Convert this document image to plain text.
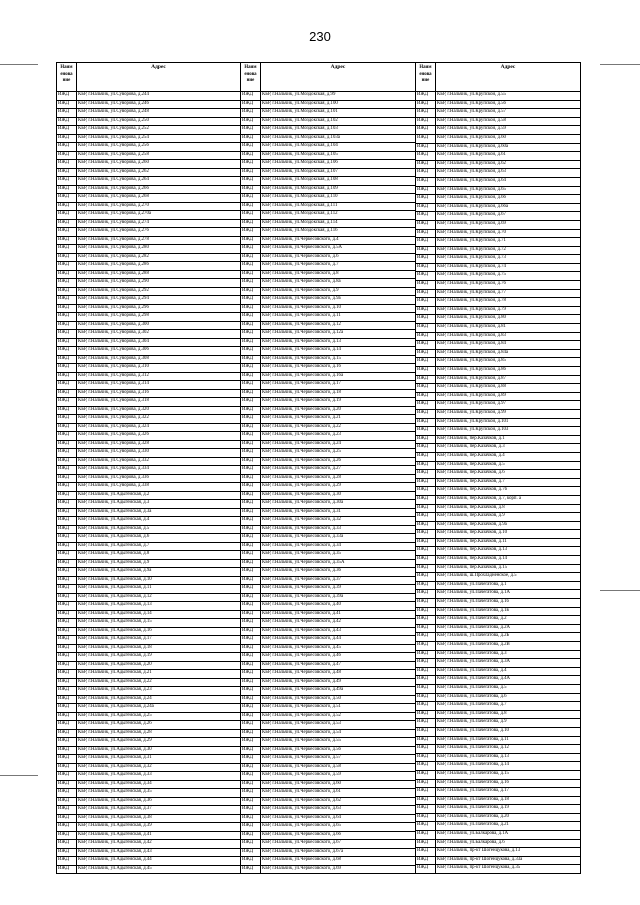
230
Наим енова ние
Адрес
ИЖД	КБР, г.Нальчик, ул.Суворова, д.244
ИЖД	КБР, г.Нальчик, ул.Суворова, д.246
ИЖД	КБР, г.Нальчик, ул.Суворова, д.248
ИЖД	КБР, г.Нальчик, ул.Суворова, д.250
ИЖД	КБР, г.Нальчик, ул.Суворова, д.252
ИЖД	КБР, г.Нальчик, ул.Суворова, д.254
ИЖД	КБР, г.Нальчик, ул.Суворова, д.256
ИЖД	КБР, г.Нальчик, ул.Суворова, д.258
ИЖД	КБР, г.Нальчик, ул.Суворова, д.260
ИЖД	КБР, г.Нальчик, ул.Суворова, д.262
ИЖД	КБР, г.Нальчик, ул.Суворова, д.264
ИЖД	КБР, г.Нальчик, ул.Суворова, д.266
ИЖД	КБР, г.Нальчик, ул.Суворова, д.268
ИЖД	КБР, г.Нальчик, ул.Суворова, д.270
ИЖД	КБР, г.Нальчик, ул.Суворова, д.270а
ИЖД	КБР, г.Нальчик, ул.Суворова, д.274
ИЖД	КБР, г.Нальчик, ул.Суворова, д.276
ИЖД	КБР, г.Нальчик, ул.Суворова, д.278
ИЖД	КБР, г.Нальчик, ул.Суворова, д.280
ИЖД	КБР, г.Нальчик, ул.Суворова, д.282
ИЖД	КБР, г.Нальчик, ул.Суворова, д.286
ИЖД	КБР, г.Нальчик, ул.Суворова, д.288
ИЖД	КБР, г.Нальчик, ул.Суворова, д.290
ИЖД	КБР, г.Нальчик, ул.Суворова, д.292
ИЖД	КБР, г.Нальчик, ул.Суворова, д.294
ИЖД	КБР, г.Нальчик, ул.Суворова, д.296
ИЖД	КБР, г.Нальчик, ул.Суворова, д.298
ИЖД	КБР, г.Нальчик, ул.Суворова, д.300
ИЖД	КБР, г.Нальчик, ул.Суворова, д.302
ИЖД	КБР, г.Нальчик, ул.Суворова, д.304
ИЖД	КБР, г.Нальчик, ул.Суворова, д.306
ИЖД	КБР, г.Нальчик, ул.Суворова, д.308
ИЖД	КБР, г.Нальчик, ул.Суворова, д.310
ИЖД	КБР, г.Нальчик, ул.Суворова, д.312
ИЖД	КБР, г.Нальчик, ул.Суворова, д.314
ИЖД	КБР, г.Нальчик, ул.Суворова, д.316
ИЖД	КБР, г.Нальчик, ул.Суворова, д.318
ИЖД	КБР, г.Нальчик, ул.Суворова, д.320
ИЖД	КБР, г.Нальчик, ул.Суворова, д.322
ИЖД	КБР, г.Нальчик, ул.Суворова, д.324
ИЖД	КБР, г.Нальчик, ул.Суворова, д.326
ИЖД	КБР, г.Нальчик, ул.Суворова, д.328
ИЖД	КБР, г.Нальчик, ул.Суворова, д.330
ИЖД	КБР, г.Нальчик, ул.Суворова, д.332
ИЖД	КБР, г.Нальчик, ул.Суворова, д.334
ИЖД	КБР, г.Нальчик, ул.Суворова, д.336
ИЖД	КБР, г.Нальчик, ул.Суворова, д.338
ИЖД	КБР, г.Нальчик, ул.Адыгейская, д.2
ИЖД	КБР, г.Нальчик, ул.Адыгейская, д.3
ИЖД	КБР, г.Нальчик, ул.Адыгейская, д.3а
ИЖД	КБР, г.Нальчик, ул.Адыгейская, д.4
ИЖД	КБР, г.Нальчик, ул.Адыгейская, д.5
ИЖД	КБР, г.Нальчик, ул.Адыгейская, д.6
ИЖД	КБР, г.Нальчик, ул.Адыгейская, д.7
ИЖД	КБР, г.Нальчик, ул.Адыгейская, д.8
ИЖД	КБР, г.Нальчик, ул.Адыгейская, д.9
ИЖД	КБР, г.Нальчик, ул.Адыгейская, д.9а
ИЖД	КБР, г.Нальчик, ул.Адыгейская, д.10
ИЖД	КБР, г.Нальчик, ул.Адыгейская, д.11
ИЖД	КБР, г.Нальчик, ул.Адыгейская, д.12
ИЖД	КБР, г.Нальчик, ул.Адыгейская, д.13
ИЖД	КБР, г.Нальчик, ул.Адыгейская, д.14
ИЖД	КБР, г.Нальчик, ул.Адыгейская, д.15
ИЖД	КБР, г.Нальчик, ул.Адыгейская, д.16
ИЖД	КБР, г.Нальчик, ул.Адыгейская, д.17
ИЖД	КБР, г.Нальчик, ул.Адыгейская, д.18
ИЖД	КБР, г.Нальчик, ул.Адыгейская, д.19
ИЖД	КБР, г.Нальчик, ул.Адыгейская, д.20
ИЖД	КБР, г.Нальчик, ул.Адыгейская, д.21
ИЖД	КБР, г.Нальчик, ул.Адыгейская, д.22
ИЖД	КБР, г.Нальчик, ул.Адыгейская, д.23
ИЖД	КБР, г.Нальчик, ул.Адыгейская, д.24
ИЖД	КБР, г.Нальчик, ул.Адыгейская, д.24а
ИЖД	КБР, г.Нальчик, ул.Адыгейская, д.25
ИЖД	КБР, г.Нальчик, ул.Адыгейская, д.26
ИЖД	КБР, г.Нальчик, ул.Адыгейская, д.28
ИЖД	КБР, г.Нальчик, ул.Адыгейская, д.29
ИЖД	КБР, г.Нальчик, ул.Адыгейская, д.30
ИЖД	КБР, г.Нальчик, ул.Адыгейская, д.31
ИЖД	КБР, г.Нальчик, ул.Адыгейская, д.32
ИЖД	КБР, г.Нальчик, ул.Адыгейская, д.33
ИЖД	КБР, г.Нальчик, ул.Адыгейская, д.34
ИЖД	КБР, г.Нальчик, ул.Адыгейская, д.35
ИЖД	КБР, г.Нальчик, ул.Адыгейская, д.36
ИЖД	КБР, г.Нальчик, ул.Адыгейская, д.37
ИЖД	КБР, г.Нальчик, ул.Адыгейская, д.38
ИЖД	КБР, г.Нальчик, ул.Адыгейская, д.39
ИЖД	КБР, г.Нальчик, ул.Адыгейская, д.41
ИЖД	КБР, г.Нальчик, ул.Адыгейская, д.42
ИЖД	КБР, г.Нальчик, ул.Адыгейская, д.43
ИЖД	КБР, г.Нальчик, ул.Адыгейская, д.44
ИЖД	КБР, г.Нальчик, ул.Адыгейская, д.45
Наим енова ние
Адрес
ИЖД	КБР, г.Нальчик, ул.Моздокская, д.99
ИЖД	КБР, г.Нальчик, ул.Моздокская, д.100
ИЖД	КБР, г.Нальчик, ул.Моздокская, д.101
ИЖД	КБР, г.Нальчик, ул.Моздокская, д.102
ИЖД	КБР, г.Нальчик, ул.Моздокская, д.103
ИЖД	КБР, г.Нальчик, ул.Моздокская, д.103а
ИЖД	КБР, г.Нальчик, ул.Моздокская, д.104
ИЖД	КБР, г.Нальчик, ул.Моздокская, д.105
ИЖД	КБР, г.Нальчик, ул.Моздокская, д.106
ИЖД	КБР, г.Нальчик, ул.Моздокская, д.107
ИЖД	КБР, г.Нальчик, ул.Моздокская, д.108
ИЖД	КБР, г.Нальчик, ул.Моздокская, д.109
ИЖД	КБР, г.Нальчик, ул.Моздокская, д.110
ИЖД	КБР, г.Нальчик, ул.Моздокская, д.111
ИЖД	КБР, г.Нальчик, ул.Моздокская, д.112
ИЖД	КБР, г.Нальчик, ул.Моздокская, д.114
ИЖД	КБР, г.Нальчик, ул.Моздокская, д.116
ИЖД	КБР, г.Нальчик, ул.Черкесовского, д.4
ИЖД	КБР, г.Нальчик, ул.Черкесовского, д.5А
ИЖД	КБР, г.Нальчик, ул.Черкесовского, д.6
ИЖД	КБР, г.Нальчик, ул.Черкесовского, д.7
ИЖД	КБР, г.Нальчик, ул.Черкесовского, д.8
ИЖД	КБР, г.Нальчик, ул.Черкесовского, д.8а
ИЖД	КБР, г.Нальчик, ул.Черкесовского, д.9
ИЖД	КБР, г.Нальчик, ул.Черкесовского, д.9а
ИЖД	КБР, г.Нальчик, ул.Черкесовского, д.10
ИЖД	КБР, г.Нальчик, ул.Черкесовского, д.11
ИЖД	КБР, г.Нальчик, ул.Черкесовского, д.12
ИЖД	КБР, г.Нальчик, ул.Черкесовского, д.12а
ИЖД	КБР, г.Нальчик, ул.Черкесовского, д.13
ИЖД	КБР, г.Нальчик, ул.Черкесовского, д.14
ИЖД	КБР, г.Нальчик, ул.Черкесовского, д.15
ИЖД	КБР, г.Нальчик, ул.Черкесовского, д.16
ИЖД	КБР, г.Нальчик, ул.Черкесовского, д.16а
ИЖД	КБР, г.Нальчик, ул.Черкесовского, д.17
ИЖД	КБР, г.Нальчик, ул.Черкесовского, д.18
ИЖД	КБР, г.Нальчик, ул.Черкесовского, д.19
ИЖД	КБР, г.Нальчик, ул.Черкесовского, д.20
ИЖД	КБР, г.Нальчик, ул.Черкесовского, д.21
ИЖД	КБР, г.Нальчик, ул.Черкесовского, д.22
ИЖД	КБР, г.Нальчик, ул.Черкесовского, д.23
ИЖД	КБР, г.Нальчик, ул.Черкесовского, д.24
ИЖД	КБР, г.Нальчик, ул.Черкесовского, д.25
ИЖД	КБР, г.Нальчик, ул.Черкесовского, д.26
ИЖД	КБР, г.Нальчик, ул.Черкесовского, д.27
ИЖД	КБР, г.Нальчик, ул.Черкесовского, д.28
ИЖД	КБР, г.Нальчик, ул.Черкесовского, д.29
ИЖД	КБР, г.Нальчик, ул.Черкесовского, д.30
ИЖД	КБР, г.Нальчик, ул.Черкесовского, д.30а
ИЖД	КБР, г.Нальчик, ул.Черкесовского, д.31
ИЖД	КБР, г.Нальчик, ул.Черкесовского, д.32
ИЖД	КБР, г.Нальчик, ул.Черкесовского, д.33
ИЖД	КБР, г.Нальчик, ул.Черкесовского, д.33а
ИЖД	КБР, г.Нальчик, ул.Черкесовского, д.34
ИЖД	КБР, г.Нальчик, ул.Черкесовского, д.35
ИЖД	КБР, г.Нальчик, ул.Черкесовского, д.35А
ИЖД	КБР, г.Нальчик, ул.Черкесовского, д.36
ИЖД	КБР, г.Нальчик, ул.Черкесовского, д.37
ИЖД	КБР, г.Нальчик, ул.Черкесовского, д.39
ИЖД	КБР, г.Нальчик, ул.Черкесовского, д.39а
ИЖД	КБР, г.Нальчик, ул.Черкесовского, д.40
ИЖД	КБР, г.Нальчик, ул.Черкесовского, д.41
ИЖД	КБР, г.Нальчик, ул.Черкесовского, д.42
ИЖД	КБР, г.Нальчик, ул.Черкесовского, д.43
ИЖД	КБР, г.Нальчик, ул.Черкесовского, д.44
ИЖД	КБР, г.Нальчик, ул.Черкесовского, д.45
ИЖД	КБР, г.Нальчик, ул.Черкесовского, д.46
ИЖД	КБР, г.Нальчик, ул.Черкесовского, д.47
ИЖД	КБР, г.Нальчик, ул.Черкесовского, д.48
ИЖД	КБР, г.Нальчик, ул.Черкесовского, д.49
ИЖД	КБР, г.Нальчик, ул.Черкесовского, д.49а
ИЖД	КБР, г.Нальчик, ул.Черкесовского, д.50
ИЖД	КБР, г.Нальчик, ул.Черкесовского, д.51
ИЖД	КБР, г.Нальчик, ул.Черкесовского, д.52
ИЖД	КБР, г.Нальчик, ул.Черкесовского, д.53
ИЖД	КБР, г.Нальчик, ул.Черкесовского, д.54
ИЖД	КБР, г.Нальчик, ул.Черкесовского, д.55
ИЖД	КБР, г.Нальчик, ул.Черкесовского, д.56
ИЖД	КБР, г.Нальчик, ул.Черкесовского, д.57
ИЖД	КБР, г.Нальчик, ул.Черкесовского, д.58
ИЖД	КБР, г.Нальчик, ул.Черкесовского, д.59
ИЖД	КБР, г.Нальчик, ул.Черкесовского, д.60
ИЖД	КБР, г.Нальчик, ул.Черкесовского, д.61
ИЖД	КБР, г.Нальчик, ул.Черкесовского, д.62
ИЖД	КБР, г.Нальчик, ул.Черкесовского, д.63
ИЖД	КБР, г.Нальчик, ул.Черкесовского, д.64
ИЖД	КБР, г.Нальчик, ул.Черкесовского, д.65
ИЖД	КБР, г.Нальчик, ул.Черкесовского, д.66
ИЖД	КБР, г.Нальчик, ул.Черкесовского, д.67
ИЖД	КБР, г.Нальчик, ул.Черкесовского, д.67а
ИЖД	КБР, г.Нальчик, ул.Черкесовского, д.68
ИЖД	КБР, г.Нальчик, ул.Черкесовского, д.69
Наим енова ние
Адрес
ИЖД	КБР, г.Нальчик, ул.Крупской, д.55
ИЖД	КБР, г.Нальчик, ул.Крупской, д.56
ИЖД	КБР, г.Нальчик, ул.Крупской, д.57
ИЖД	КБР, г.Нальчик, ул.Крупской, д.58
ИЖД	КБР, г.Нальчик, ул.Крупской, д.59
ИЖД	КБР, г.Нальчик, ул.Крупской, д.60
ИЖД	КБР, г.Нальчик, ул.Крупской, д.60а
ИЖД	КБР, г.Нальчик, ул.Крупской, д.61
ИЖД	КБР, г.Нальчик, ул.Крупской, д.62
ИЖД	КБР, г.Нальчик, ул.Крупской, д.63
ИЖД	КБР, г.Нальчик, ул.Крупской, д.64
ИЖД	КБР, г.Нальчик, ул.Крупской, д.65
ИЖД	КБР, г.Нальчик, ул.Крупской, д.66
ИЖД	КБР, г.Нальчик, ул.Крупской, д.66а
ИЖД	КБР, г.Нальчик, ул.Крупской, д.67
ИЖД	КБР, г.Нальчик, ул.Крупской, д.69
ИЖД	КБР, г.Нальчик, ул.Крупской, д.70
ИЖД	КБР, г.Нальчик, ул.Крупской, д.71
ИЖД	КБР, г.Нальчик, ул.Крупской, д.72
ИЖД	КБР, г.Нальчик, ул.Крупской, д.73
ИЖД	КБР, г.Нальчик, ул.Крупской, д.74
ИЖД	КБР, г.Нальчик, ул.Крупской, д.75
ИЖД	КБР, г.Нальчик, ул.Крупской, д.76
ИЖД	КБР, г.Нальчик, ул.Крупской, д.77
ИЖД	КБР, г.Нальчик, ул.Крупской, д.78
ИЖД	КБР, г.Нальчик, ул.Крупской, д.79
ИЖД	КБР, г.Нальчик, ул.Крупской, д.80
ИЖД	КБР, г.Нальчик, ул.Крупской, д.81
ИЖД	КБР, г.Нальчик, ул.Крупской, д.83
ИЖД	КБР, г.Нальчик, ул.Крупской, д.84
ИЖД	КБР, г.Нальчик, ул.Крупской, д.84а
ИЖД	КБР, г.Нальчик, ул.Крупской, д.85
ИЖД	КБР, г.Нальчик, ул.Крупской, д.86
ИЖД	КБР, г.Нальчик, ул.Крупской, д.87
ИЖД	КБР, г.Нальчик, ул.Крупской, д.88
ИЖД	КБР, г.Нальчик, ул.Крупской, д.89
ИЖД	КБР, г.Нальчик, ул.Крупской, д.97
ИЖД	КБР, г.Нальчик, ул.Крупской, д.99
ИЖД	КБР, г.Нальчик, ул.Крупской, д.101
ИЖД	КБР, г.Нальчик, ул.Крупской, д.103
ИЖД	КБР, г.Нальчик, пер.Казачков, д.1
ИЖД	КБР, г.Нальчик, пер.Казачков, д.3
ИЖД	КБР, г.Нальчик, пер.Казачков, д.4
ИЖД	КБР, г.Нальчик, пер.Казачков, д.5
ИЖД	КБР, г.Нальчик, пер.Казачков, д.6
ИЖД	КБР, г.Нальчик, пер.Казачков, д.7
ИЖД	КБР, г.Нальчик, пер.Казачков, д.7б
ИЖД	КБР, г.Нальчик, пер.Казачков, д.7, корп. а
ИЖД	КБР, г.Нальчик, пер.Казачков, д.8
ИЖД	КБР, г.Нальчик, пер.Казачков, д.9
ИЖД	КБР, г.Нальчик, пер.Казачков, д.9а
ИЖД	КБР, г.Нальчик, пер.Казачков, д.10
ИЖД	КБР, г.Нальчик, пер.Казачков, д.11
ИЖД	КБР, г.Нальчик, пер.Казачков, д.13
ИЖД	КБР, г.Нальчик, пер.Казачков, д.14
ИЖД	КБР, г.Нальчик, пер.Казачков, д.15
ИЖД	КБР, г.Нальчик, ш.Прохладненское, д.5
ИЖД	КБР, г.Нальчик, ул.Пачегатова, д.1
ИЖД	КБР, г.Нальчик, ул.Пачегатова, д.1А
ИЖД	КБР, г.Нальчик, ул.Пачегатова, д.1б
ИЖД	КБР, г.Нальчик, ул.Пачегатова, д.1в
ИЖД	КБР, г.Нальчик, ул.Пачегатова, д.2
ИЖД	КБР, г.Нальчик, ул.Пачегатова, д.2А
ИЖД	КБР, г.Нальчик, ул.Пачегатова, д.2Б
ИЖД	КБР, г.Нальчик, ул.Пачегатова, д.2В
ИЖД	КБР, г.Нальчик, ул.Пачегатова, д.3
ИЖД	КБР, г.Нальчик, ул.Пачегатова, д.3А
ИЖД	КБР, г.Нальчик, ул.Пачегатова, д.4
ИЖД	КБР, г.Нальчик, ул.Пачегатова, д.4А
ИЖД	КБР, г.Нальчик, ул.Пачегатова, д.5
ИЖД	КБР, г.Нальчик, ул.Пачегатова, д.6
ИЖД	КБР, г.Нальчик, ул.Пачегатова, д.7
ИЖД	КБР, г.Нальчик, ул.Пачегатова, д.8
ИЖД	КБР, г.Нальчик, ул.Пачегатова, д.9
ИЖД	КБР, г.Нальчик, ул.Пачегатова, д.10
ИЖД	КБР, г.Нальчик, ул.Пачегатова, д.11
ИЖД	КБР, г.Нальчик, ул.Пачегатова, д.12
ИЖД	КБР, г.Нальчик, ул.Пачегатова, д.13
ИЖД	КБР, г.Нальчик, ул.Пачегатова, д.14
ИЖД	КБР, г.Нальчик, ул.Пачегатова, д.15
ИЖД	КБР, г.Нальчик, ул.Пачегатова, д.16
ИЖД	КБР, г.Нальчик, ул.Пачегатова, д.17
ИЖД	КБР, г.Нальчик, ул.Пачегатова, д.18
ИЖД	КБР, г.Нальчик, ул.Пачегатова, д.19
ИЖД	КБР, г.Нальчик, ул.Пачегатова, д.20
ИЖД	КБР, г.Нальчик, ул.Пачегатова, д.21
ИЖД	КБР, г.Нальчик, ул.Балкарова, д.1А
ИЖД	КБР, г.Нальчик, ул.Балкарова, д.6
ИЖД	КБР, г.Нальчик, пр-кт Шогенцукова, д.13
ИЖД	КБР, г.Нальчик, пр-кт Шогенцукова, д.33а
ИЖД	КБР, г.Нальчик, пр-кт Шогенцукова, д.35
